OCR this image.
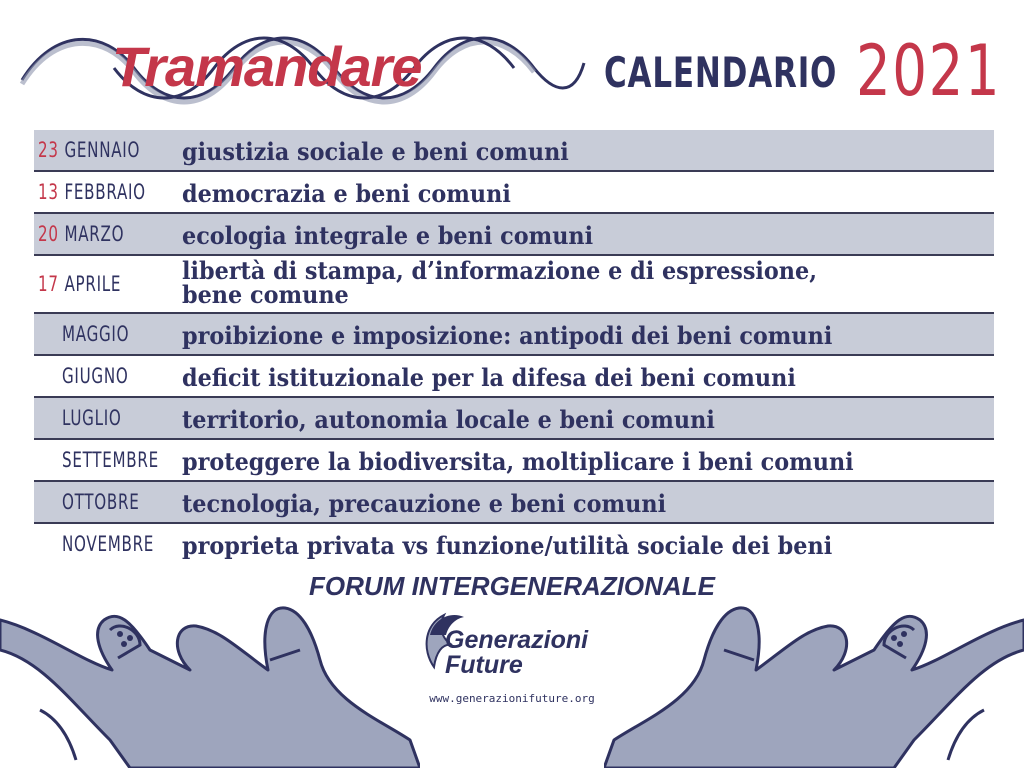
Tramandare	CALENDARIO 2021
23 GENNAIO giustizia sociale e beni comuni
13 FEBBRAIO democrazia e beni comuni
20 MARZO ecologia integrale e beni comuni
17 APRILE	libertà di stampa, d’informazione e di espressione,
bene comune
MAGGIO proibizione e imposizione: antipodi dei beni comuni
GIUGNO deficit istituzionale per la difesa dei beni comuni
LUGLIO	territorio, autonomia locale e beni comuni
SETTEMBRE proteggere la biodiversita, moltiplicare i beni comuni
OTTOBRE tecnologia, precauzione e beni comuni
NOVEMBRE proprieta privata vs funzione/utilità sociale dei beni
FORUM INTERGENERAZIONALE
Generazioni
Future
www.generazionifuture.org
